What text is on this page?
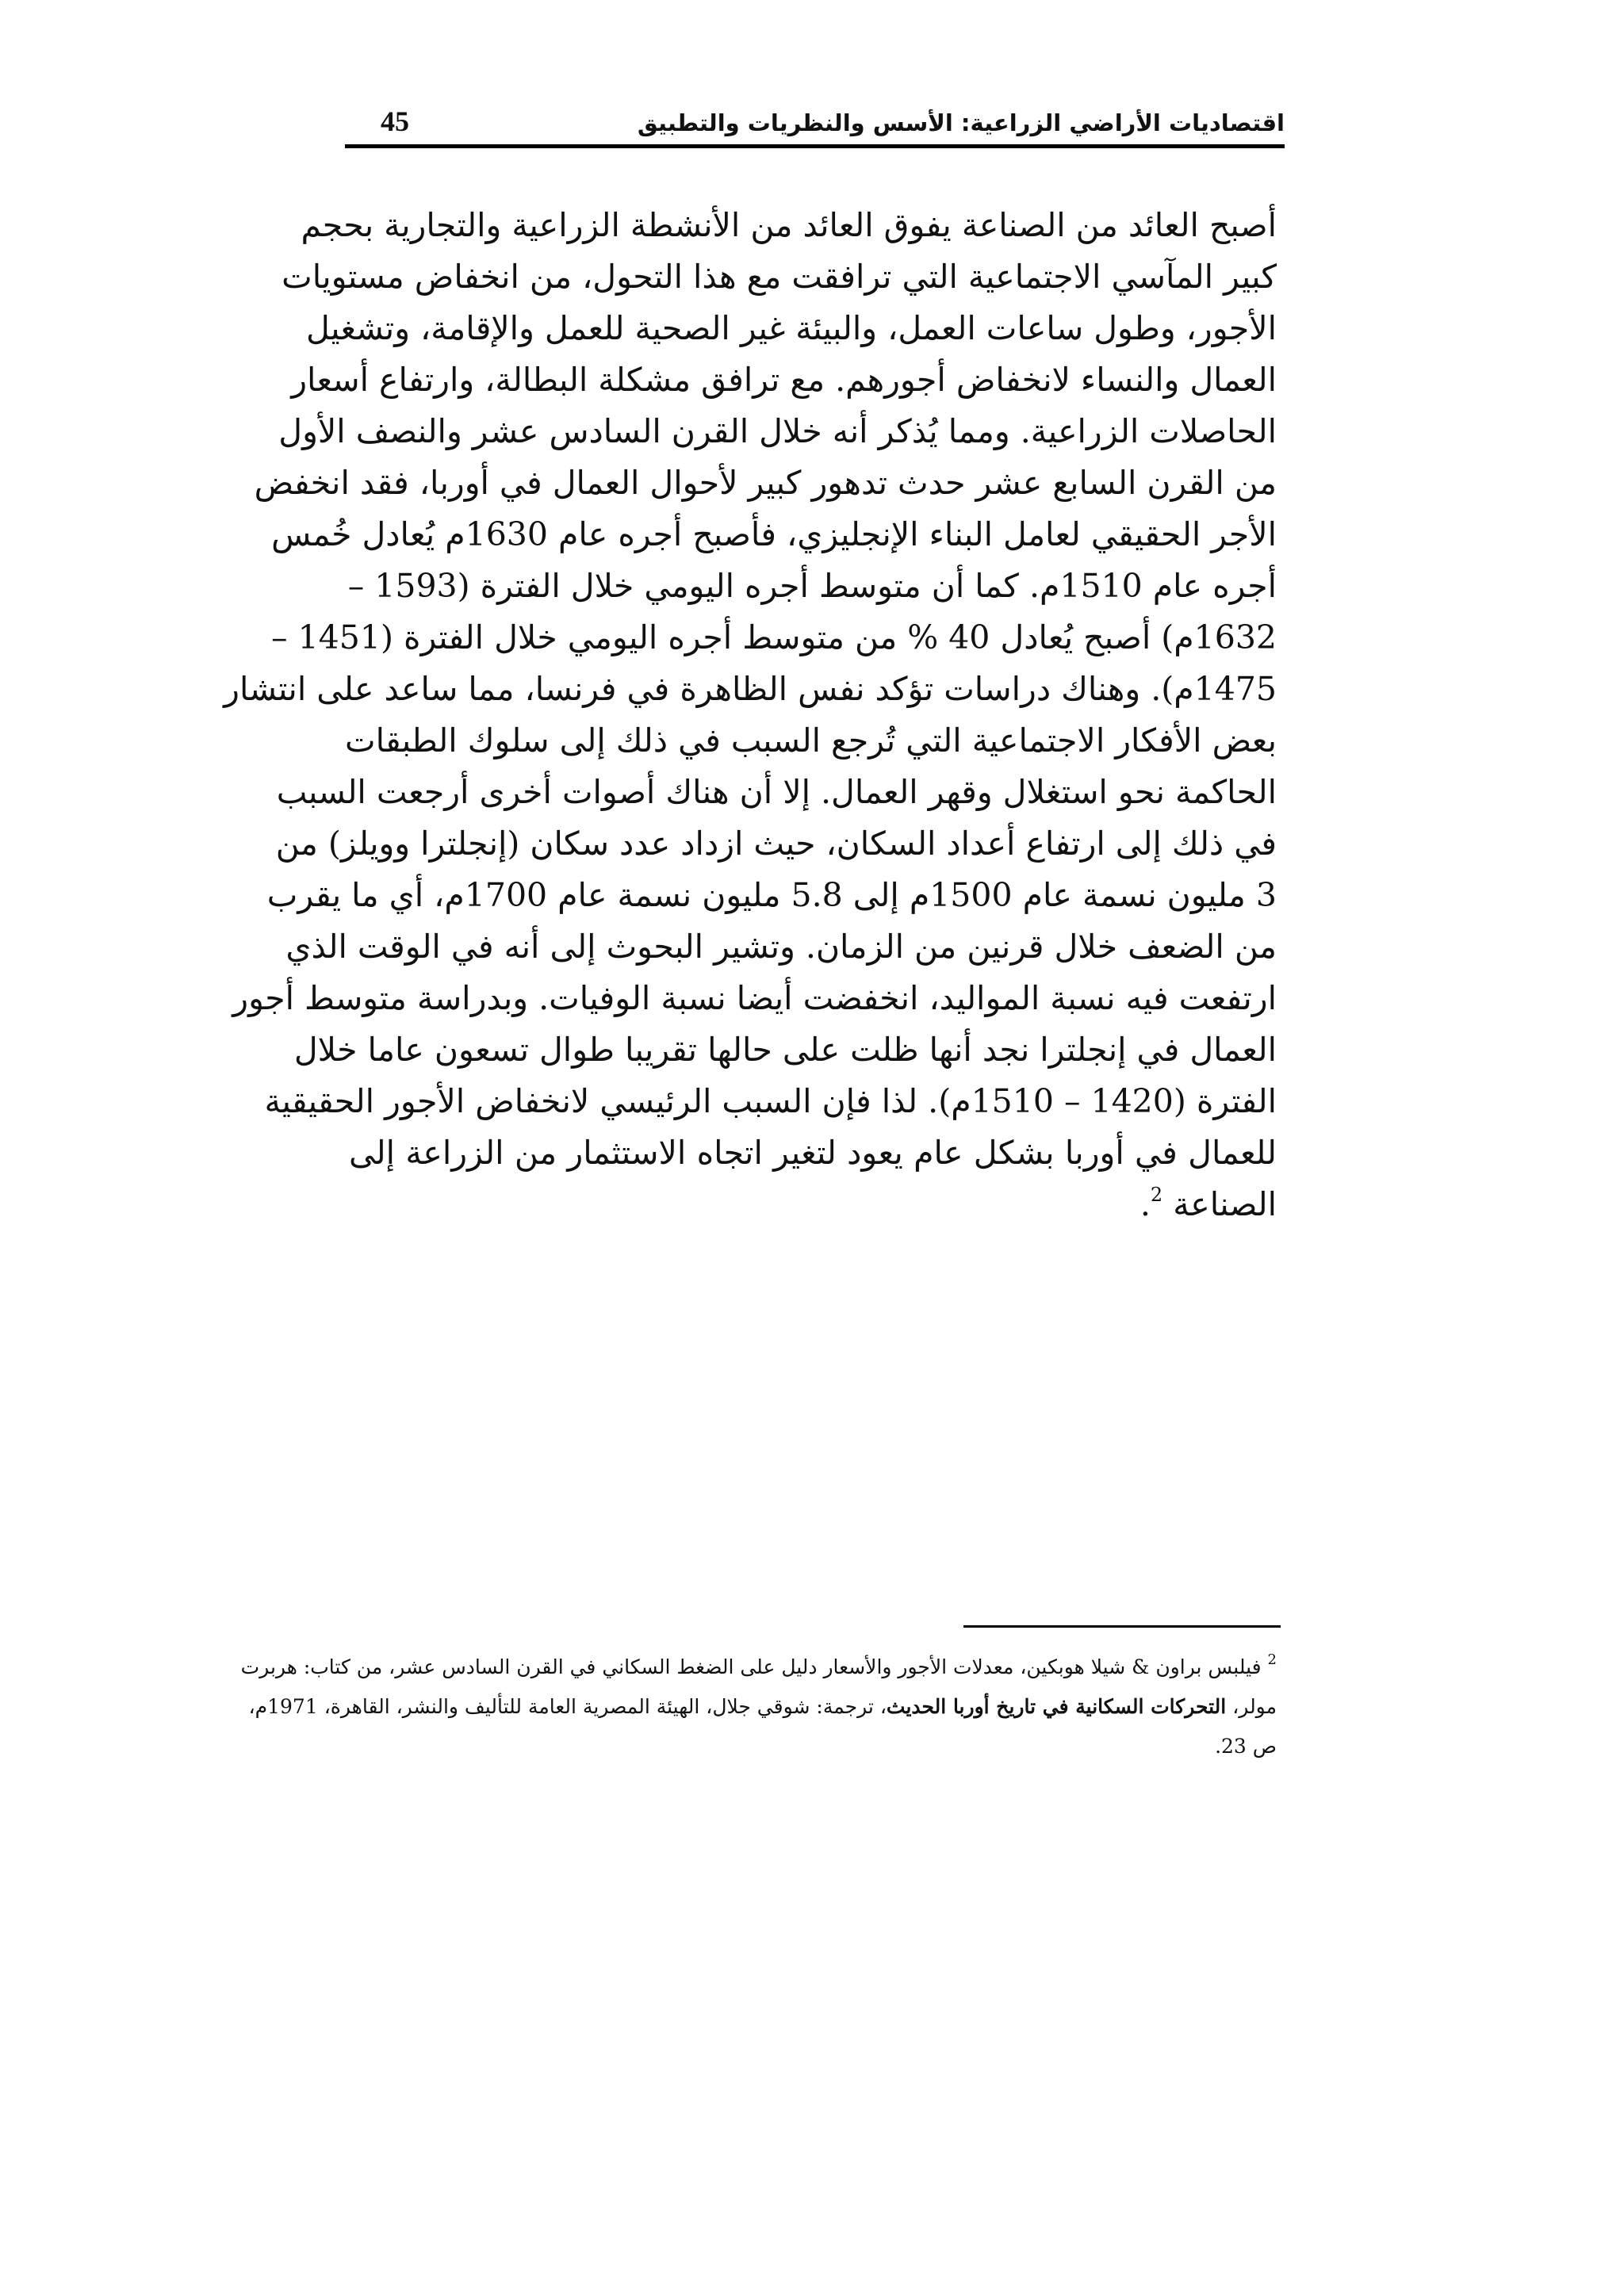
اقتصاديات الأراضي الزراعية: الأسس والنظريات والتطبيق
45
أصبح العائد من الصناعة يفوق العائد من الأنشطة الزراعية والتجارية بحجم
كبير المآسي الاجتماعية التي ترافقت مع هذا التحول، من انخفاض مستويات
الأجور، وطول ساعات العمل، والبيئة غير الصحية للعمل والإقامة، وتشغيل
العمال والنساء لانخفاض أجورهم. مع ترافق مشكلة البطالة، وارتفاع أسعار
الحاصلات الزراعية. ومما يُذكر أنه خلال القرن السادس عشر والنصف الأول
من القرن السابع عشر حدث تدهور كبير لأحوال العمال في أوربا، فقد انخفض
الأجر الحقيقي لعامل البناء الإنجليزي، فأصبح أجره عام 1630م يُعادل خُمس
أجره عام 1510م. كما أن متوسط أجره اليومي خلال الفترة (1593 –
1632م) أصبح يُعادل 40 % من متوسط أجره اليومي خلال الفترة (1451 –
1475م). وهناك دراسات تؤكد نفس الظاهرة في فرنسا، مما ساعد على انتشار
بعض الأفكار الاجتماعية التي تُرجع السبب في ذلك إلى سلوك الطبقات
الحاكمة نحو استغلال وقهر العمال. إلا أن هناك أصوات أخرى أرجعت السبب
في ذلك إلى ارتفاع أعداد السكان، حيث ازداد عدد سكان (إنجلترا وويلز) من
3 مليون نسمة عام 1500م إلى 5.8 مليون نسمة عام 1700م، أي ما يقرب
من الضعف خلال قرنين من الزمان. وتشير البحوث إلى أنه في الوقت الذي
ارتفعت فيه نسبة المواليد، انخفضت أيضا نسبة الوفيات. وبدراسة متوسط أجور
العمال في إنجلترا نجد أنها ظلت على حالها تقريبا طوال تسعون عاما خلال
الفترة (1420 – 1510م). لذا فإن السبب الرئيسي لانخفاض الأجور الحقيقية
للعمال في أوربا بشكل عام يعود لتغير اتجاه الاستثمار من الزراعة إلى
الصناعة $^2$.
$^2$ فيلبس براون & شيلا هوبكين، معدلات الأجور والأسعار دليل على الضغط السكاني في القرن السادس عشر، من كتاب: هربرت
مولر، التحركات السكانية في تاريخ أوربا الحديث، ترجمة: شوقي جلال، الهيئة المصرية العامة للتأليف والنشر، القاهرة، 1971م،
ص 23.
